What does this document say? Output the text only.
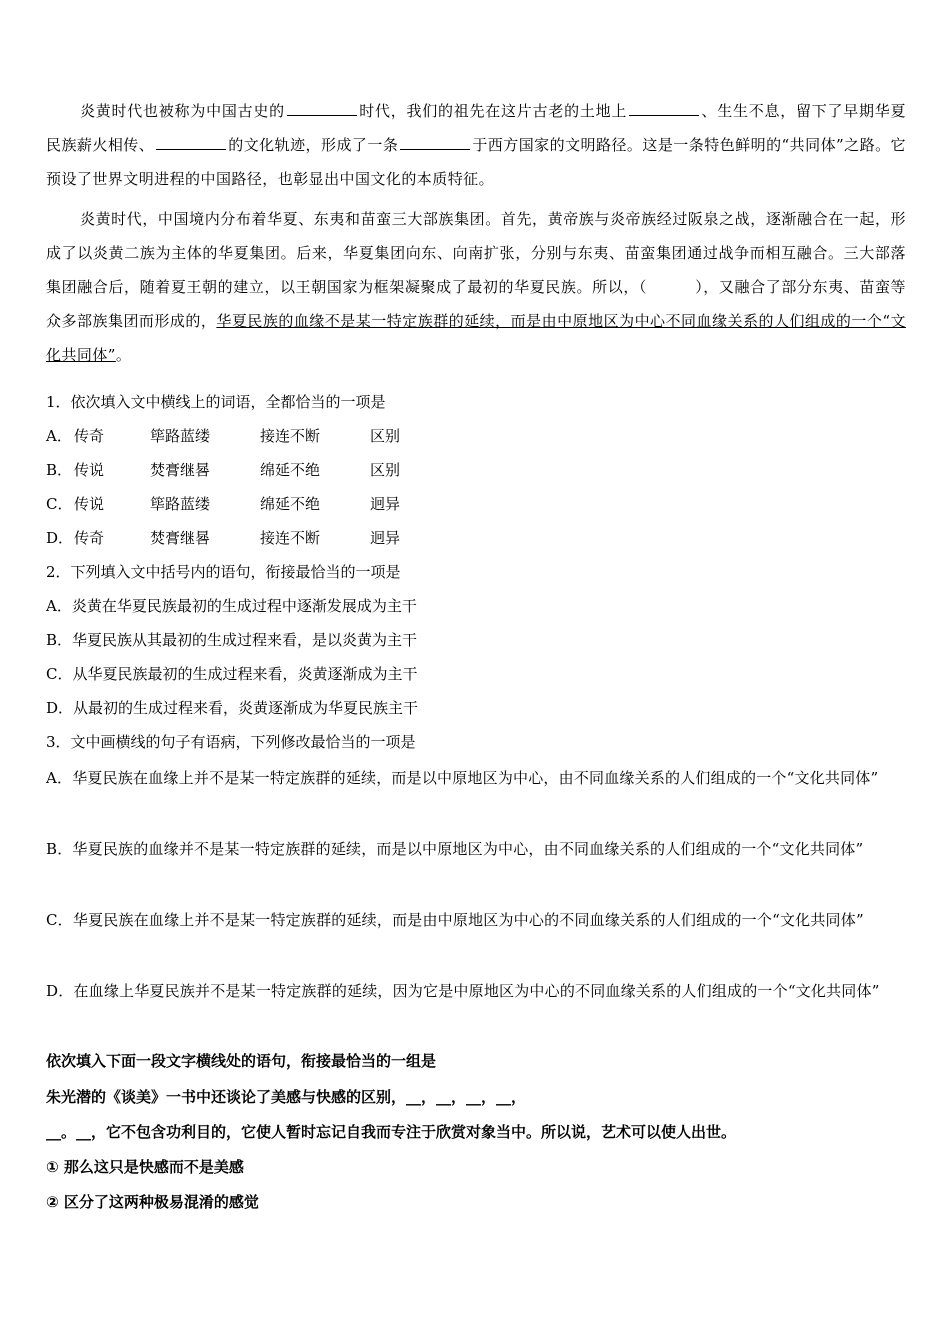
炎黄时代也被称为中国古史的	时代，我们的祖先在这片古老的土地上	、生生不息，留下了早期华夏民族薪火相传、	的文化轨迹，形成了一条	于西方国家的文明路径。这是一条特色鲜明的“共同体”之路。它预设了世界文明进程的中国路径，也彰显出中国文化的本质特征。

炎黄时代，中国境内分布着华夏、东夷和苗蛮三大部族集团。首先，黄帝族与炎帝族经过阪泉之战，逐渐融合在一起，形成了以炎黄二族为主体的华夏集团。后来，华夏集团向东、向南扩张，分别与东夷、苗蛮集团通过战争而相互融合。三大部落集团融合后，随着夏王朝的建立，以王朝国家为框架凝聚成了最初的华夏民族。所以，（	），又融合了部分东夷、苗蛮等众多部族集团而形成的，华夏民族的血缘不是某一特定族群的延续，而是由中原地区为中心不同血缘关系的人们组成的一个“文化共同体”。

1．依次填入文中横线上的词语，全都恰当的一项是

A． 传奇	筚路蓝缕	接连不断	区别

B． 传说	焚膏继晷	绵延不绝	区别

C． 传说	筚路蓝缕	绵延不绝	迥异

D．传奇	焚膏继晷	接连不断	迥异

2．下列填入文中括号内的语句，衔接最恰当的一项是

A．炎黄在华夏民族最初的生成过程中逐渐发展成为主干

B．华夏民族从其最初的生成过程来看，是以炎黄为主干

C．从华夏民族最初的生成过程来看，炎黄逐渐成为主干

D．从最初的生成过程来看，炎黄逐渐成为华夏民族主干

3．文中画横线的句子有语病，下列修改最恰当的一项是

A．华夏民族在血缘上并不是某一特定族群的延续，而是以中原地区为中心，由不同血缘关系的人们组成的一个“文化共同体”

B．华夏民族的血缘并不是某一特定族群的延续，而是以中原地区为中心，由不同血缘关系的人们组成的一个“文化共同体”

C．华夏民族在血缘上并不是某一特定族群的延续，而是由中原地区为中心的不同血缘关系的人们组成的一个“文化共同体”

D．在血缘上华夏民族并不是某一特定族群的延续，因为它是中原地区为中心的不同血缘关系的人们组成的一个“文化共同体”

依次填入下面一段文字横线处的语句，衔接最恰当的一组是

朱光潜的《谈美》一书中还谈论了美感与快感的区别，__，__，__，__，

__。__，它不包含功利目的，它使人暂时忘记自我而专注于欣赏对象当中。所以说，艺术可以使人出世。

① 那么这只是快感而不是美感

② 区分了这两种极易混淆的感觉
